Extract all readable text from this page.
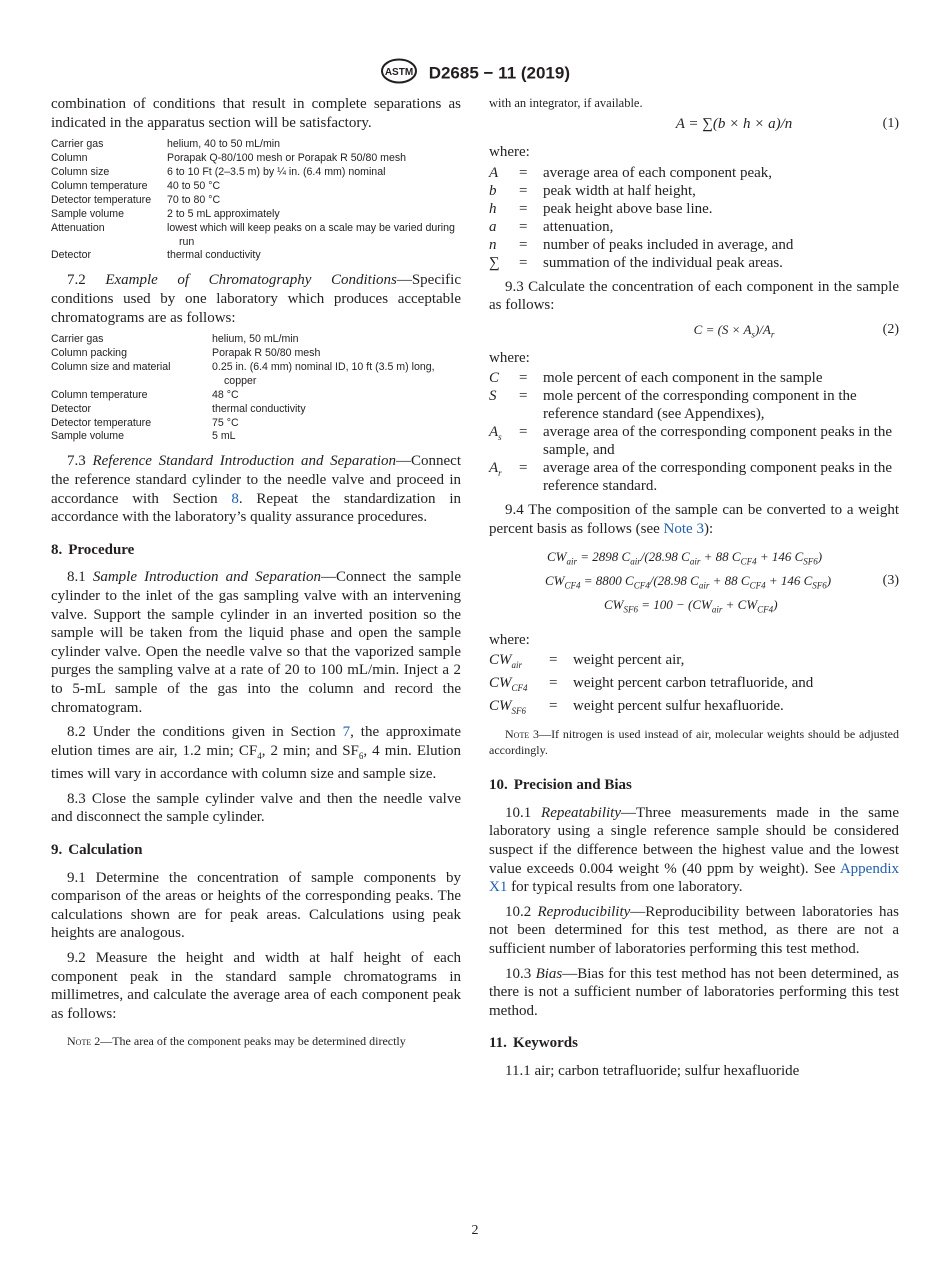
ASTM D2685 − 11 (2019)

combination of conditions that result in complete separations as indicated in the apparatus section will be satisfactory.

Carrier gas	helium, 40 to 50 mL/min

Column	Porapak Q-80/100 mesh or Porapak R 50/80 mesh

Column size	6 to 10 Ft (2–3.5 m) by ¼ in. (6.4 mm) nominal

Column temperature	40 to 50 °C

Detector temperature	70 to 80 °C

Sample volume	2 to 5 mL approximately

Attenuation	lowest which will keep peaks on a scale may be varied during run

Detector	thermal conductivity

7.2 Example of Chromatography Conditions—Specific conditions used by one laboratory which produces acceptable chromatograms are as follows:

Carrier gas	helium, 50 mL/min

Column packing	Porapak R 50/80 mesh

Column size and material	0.25 in. (6.4 mm) nominal ID, 10 ft (3.5 m) long, copper

Column temperature	48 °C

Detector	thermal conductivity

Detector temperature	75 °C

Sample volume	5 mL

7.3 Reference Standard Introduction and Separation—Connect the reference standard cylinder to the needle valve and proceed in accordance with Section 8. Repeat the standardization in accordance with the laboratory’s quality assurance procedures.

8. Procedure

8.1 Sample Introduction and Separation—Connect the sample cylinder to the inlet of the gas sampling valve with an intervening valve. Support the sample cylinder in an inverted position so the sample will be taken from the liquid phase and open the sample cylinder valve. Open the needle valve so that the vaporized sample purges the sampling valve at a rate of 20 to 100 mL/min. Inject a 2 to 5-mL sample of the gas into the column and record the chromatogram.

8.2 Under the conditions given in Section 7, the approximate elution times are air, 1.2 min; $CF_4$, 2 min; and $SF_6$, 4 min. Elution times will vary in accordance with column size and sample size.

8.3 Close the sample cylinder valve and then the needle valve and disconnect the sample cylinder.

9. Calculation

9.1 Determine the concentration of sample components by comparison of the areas or heights of the corresponding peaks. The calculations shown are for peak areas. Calculations using peak heights are analogous.

9.2 Measure the height and width at half height of each component peak in the standard sample chromatograms in millimetres, and calculate the average area of each component peak as follows:

Note 2—The area of the component peaks may be determined directly
with an integrator, if available.
A = ∑(b × h × a)/n	(1)
where:
A	=	average area of each component peak,
b	=	peak width at half height,
h	=	peak height above base line.
a	=	attenuation,
n	=	number of peaks included in average, and
∑	=	summation of the individual peak areas.

9.3 Calculate the concentration of each component in the sample as follows:

$C = (S \times A_s)/A_r$	(2)
where:
C	=	mole percent of each component in the sample
S	=	mole percent of the corresponding component in the reference standard (see Appendixes),
$A_s$	=	average area of the corresponding component peaks in the sample, and
$A_r$	=	average area of the corresponding component peaks in the reference standard.

9.4 The composition of the sample can be converted to a weight percent basis as follows (see Note 3):

$CW_{air} = 2898$ $C_{air}/(28.98$ $C_{air} + 88$ $C_{CF4} + 146$ $C_{SF6}$)
$CW_{CF4} = 8800$ $C_{CF4}/(28.98$ $C_{air} + 88$ $C_{CF4} + 146$ $C_{SF6}$)
$CW_{SF6} = 100 - (CW_{air} + CW_{CF4})$
(3)
where:
$CW_{air}$	=	weight percent air,
$CW_{CF4}$	=	weight percent carbon tetrafluoride, and
$CW_{SF6}$	=	weight percent sulfur hexafluoride.
Note 3—If nitrogen is used instead of air, molecular weights should be adjusted accordingly.
10. Precision and Bias

10.1 Repeatability—Three measurements made in the same laboratory using a single reference sample should be considered suspect if the difference between the highest value and the lowest value exceeds 0.004 weight % (40 ppm by weight). See Appendix X1 for typical results from one laboratory.

10.2 Reproducibility—Reproducibility between laboratories has not been determined for this test method, as there are not a sufficient number of laboratories performing this test method.

10.3 Bias—Bias for this test method has not been determined, as there is not a sufficient number of laboratories performing this test method.

11. Keywords

11.1 air; carbon tetrafluoride; sulfur hexafluoride

2
